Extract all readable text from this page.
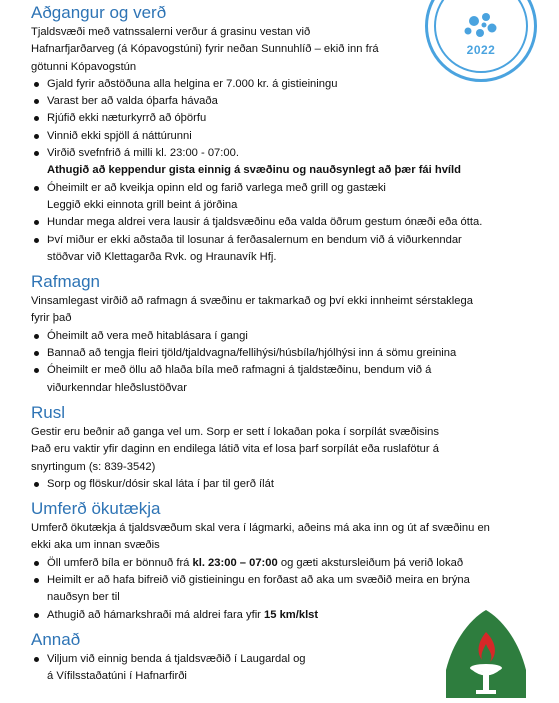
2022
Aðgangur og verð

Tjaldsvæði með vatnssalerni verður á grasinu vestan við
Hafnarfjarðarveg (á Kópavogstúni) fyrir neðan Sunnuhlíð – ekið inn frá
götunni Kópavogstún

Gjald fyrir aðstöðuna alla helgina er 7.000 kr. á gistieiningu
Varast ber að valda óþarfa hávaða
Rjúfið ekki næturkyrrð að óþörfu
Vinnið ekki spjöll á náttúrunni
Virðið svefnfrið á milli kl. 23:00 - 07:00.
Athugið að keppendur gista einnig á svæðinu og nauðsynlegt að þær fái hvíld
Óheimilt er að kveikja opinn eld og farið varlega með grill og gastæki
Leggið ekki einnota grill beint á jörðina
Hundar mega aldrei vera lausir á tjaldsvæðinu eða valda öðrum gestum ónæði eða ótta.
Því miður er ekki aðstaða til losunar á ferðasalernum en bendum við á viðurkenndar
stöðvar við Klettagarða Rvk. og Hraunavík Hfj.
Rafmagn

Vinsamlegast virðið að rafmagn á svæðinu er takmarkað og því ekki innheimt sérstaklega
fyrir það

Óheimilt að vera með hitablásara í gangi
Bannað að tengja fleiri tjöld/tjaldvagna/fellihýsi/húsbíla/hjólhýsi inn á sömu greinina
Óheimilt er með öllu að hlaða bíla með rafmagni á tjaldstæðinu, bendum við á
viðurkenndar hleðslustöðvar
Rusl

Gestir eru beðnir að ganga vel um. Sorp er sett í lokaðan poka í sorpílát svæðisins
Það eru vaktir yfir daginn en endilega látið vita ef losa þarf sorpílát eða ruslafötur á
snyrtingum (s: 839-3542)

Sorp og flöskur/dósir skal láta í þar til gerð ílát
Umferð ökutækja

Umferð ökutækja á tjaldsvæðum skal vera í lágmarki, aðeins má aka inn og út af svæðinu en
ekki aka um innan svæðis

Öll umferð bíla er bönnuð frá kl. 23:00 – 07:00 og gæti akstursleiðum þá verið lokað
Heimilt er að hafa bifreið við gistieiningu en forðast að aka um svæðið meira en brýna
nauðsyn ber til
Athugið að hámarkshraði má aldrei fara yfir 15 km/klst
Annað
Viljum við einnig benda á tjaldsvæðið í Laugardal og
á Vífilsstaðatúni í Hafnarfirði
